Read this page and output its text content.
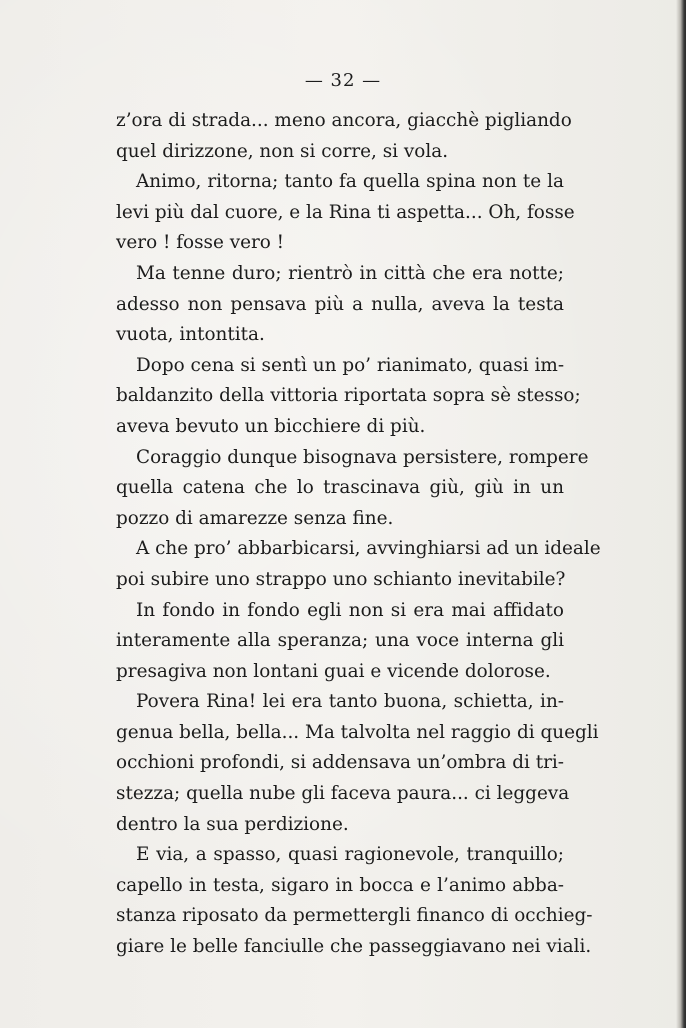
— 32 —
z’ora di strada... meno ancora, giacchè pigliando
quel dirizzone, non si corre, si vola.
Animo, ritorna; tanto fa quella spina non te la
levi più dal cuore, e la Rina ti aspetta... Oh, fosse
vero ! fosse vero !
Ma tenne duro; rientrò in città che era notte;
adesso non pensava più a nulla, aveva la testa
vuota, intontita.
Dopo cena si sentì un po’ rianimato, quasi im-
baldanzito della vittoria riportata sopra sè stesso;
aveva bevuto un bicchiere di più.
Coraggio dunque bisognava persistere, rompere
quella catena che lo trascinava giù, giù in un
pozzo di amarezze senza fine.
A che pro’ abbarbicarsi, avvinghiarsi ad un ideale
poi subire uno strappo uno schianto inevitabile?
In fondo in fondo egli non si era mai affidato
interamente alla speranza; una voce interna gli
presagiva non lontani guai e vicende dolorose.
Povera Rina! lei era tanto buona, schietta, in-
genua bella, bella... Ma talvolta nel raggio di quegli
occhioni profondi, si addensava un’ombra di tri-
stezza; quella nube gli faceva paura... ci leggeva
dentro la sua perdizione.
E via, a spasso, quasi ragionevole, tranquillo;
capello in testa, sigaro in bocca e l’animo abba-
stanza riposato da permettergli financo di occhieg-
giare le belle fanciulle che passeggiavano nei viali.
